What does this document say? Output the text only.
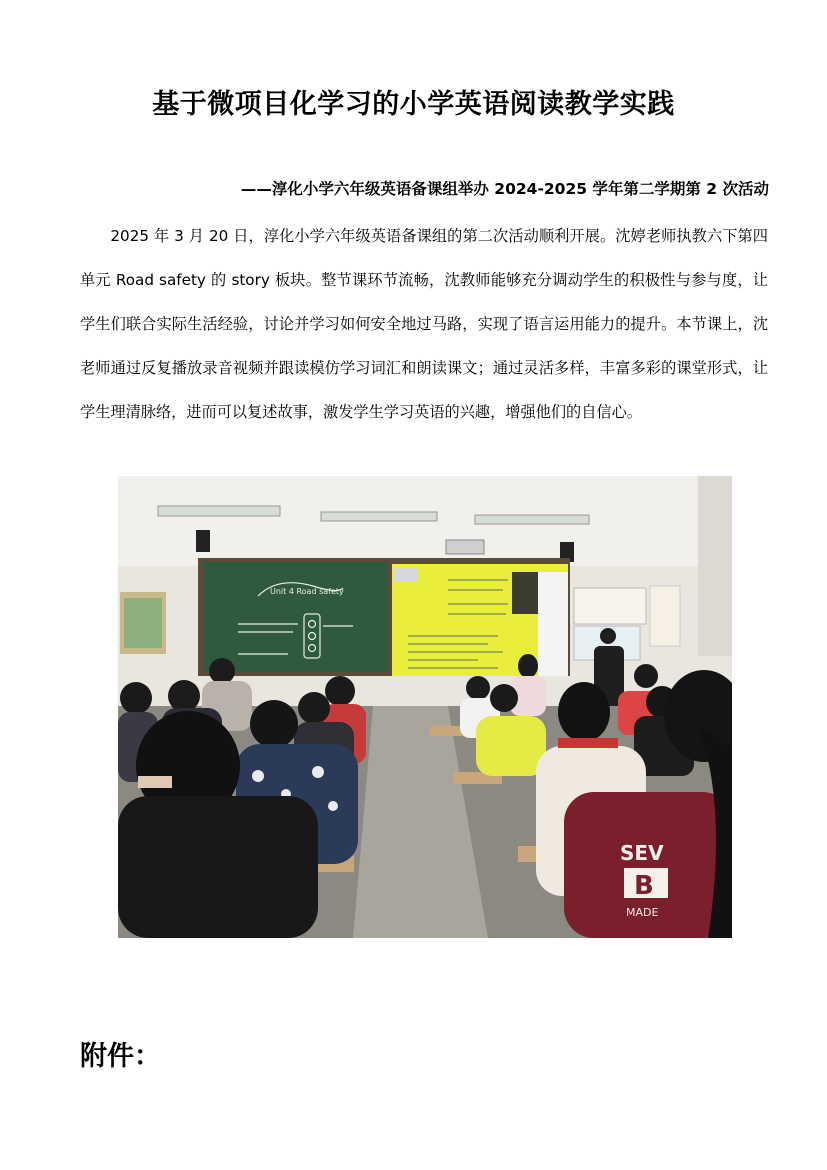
基于微项目化学习的小学英语阅读教学实践
——淳化小学六年级英语备课组举办 2024-2025 学年第二学期第 2 次活动

2025 年 3 月 20 日，淳化小学六年级英语备课组的第二次活动顺利开展。沈婷老师执教六下第四单元 Road safety 的 story 板块。整节课环节流畅，沈教师能够充分调动学生的积极性与参与度，让学生们联合实际生活经验，讨论并学习如何安全地过马路，实现了语言运用能力的提升。本节课上，沈老师通过反复播放录音视频并跟读模仿学习词汇和朗读课文；通过灵活多样，丰富多彩的课堂形式，让学生理清脉络，进而可以复述故事，激发学生学习英语的兴趣，增强他们的自信心。

Unit 4 Road safety
SEV
B
MADE
附件：
